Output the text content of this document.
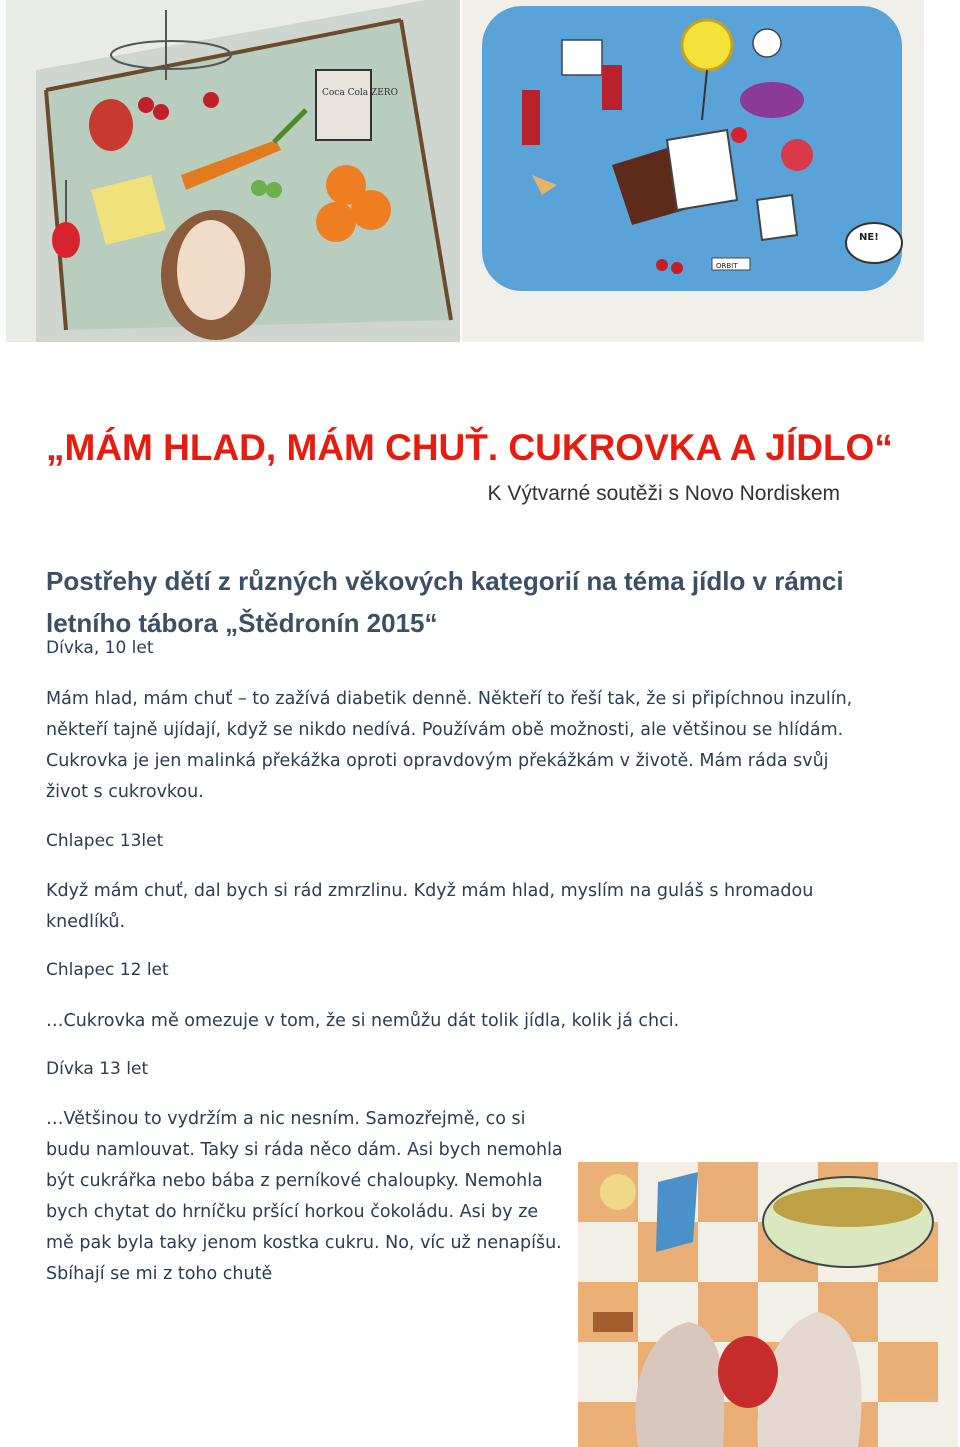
Coca Cola ZERO
NE!
ORBIT
„MÁM HLAD, MÁM CHUŤ. CUKROVKA A JÍDLO“
K Výtvarné soutěži s Novo Nordiskem
Postřehy dětí z různých věkových kategorií na téma jídlo v rámci letního tábora „Štědronín 2015“
Dívka, 10 let
Mám hlad, mám chuť – to zažívá diabetik denně. Někteří to řeší tak, že si připíchnou inzulín, někteří tajně ujídají, když se nikdo nedívá. Používám obě možnosti, ale většinou se hlídám. Cukrovka je jen malinká překážka oproti opravdovým překážkám v životě. Mám ráda svůj život s cukrovkou.
Chlapec 13let
Když mám chuť, dal bych si rád zmrzlinu. Když mám hlad, myslím na guláš s hromadou knedlíků.
Chlapec 12 let
…Cukrovka mě omezuje v tom, že si nemůžu dát tolik jídla, kolik já chci.
Dívka 13 let
…Většinou to vydržím a nic nesním. Samozřejmě, co si budu namlouvat. Taky si ráda něco dám. Asi bych nemohla být cukrářka nebo bába z perníkové chaloupky. Nemohla bych chytat do hrníčku pršící horkou čokoládu. Asi by ze mě pak byla taky jenom kostka cukru. No, víc už nenapíšu. Sbíhají se mi z toho chutě
